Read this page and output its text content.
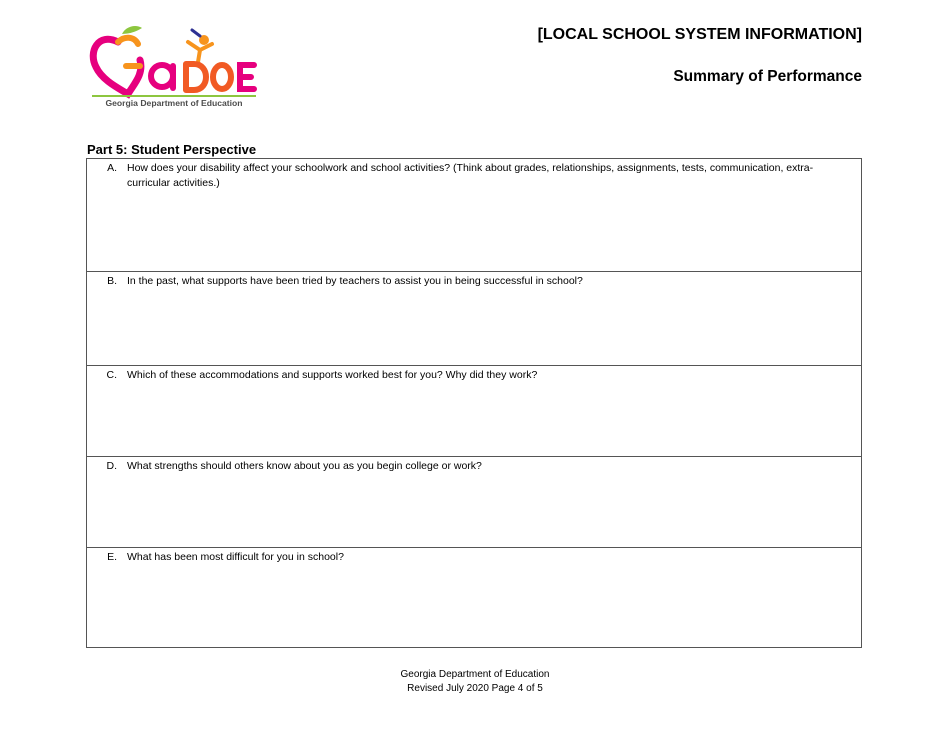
Georgia Department of Education

[LOCAL SCHOOL SYSTEM INFORMATION]

Summary of Performance

Part 5: Student Perspective
A. How does your disability affect your schoolwork and school activities? (Think about grades, relationships, assignments, tests, communication, extra-curricular activities.)
B. In the past, what supports have been tried by teachers to assist you in being successful in school?
C. Which of these accommodations and supports worked best for you? Why did they work?
D. What strengths should others know about you as you begin college or work?
E. What has been most difficult for you in school?
Georgia Department of Education
Revised July 2020 Page 4 of 5
